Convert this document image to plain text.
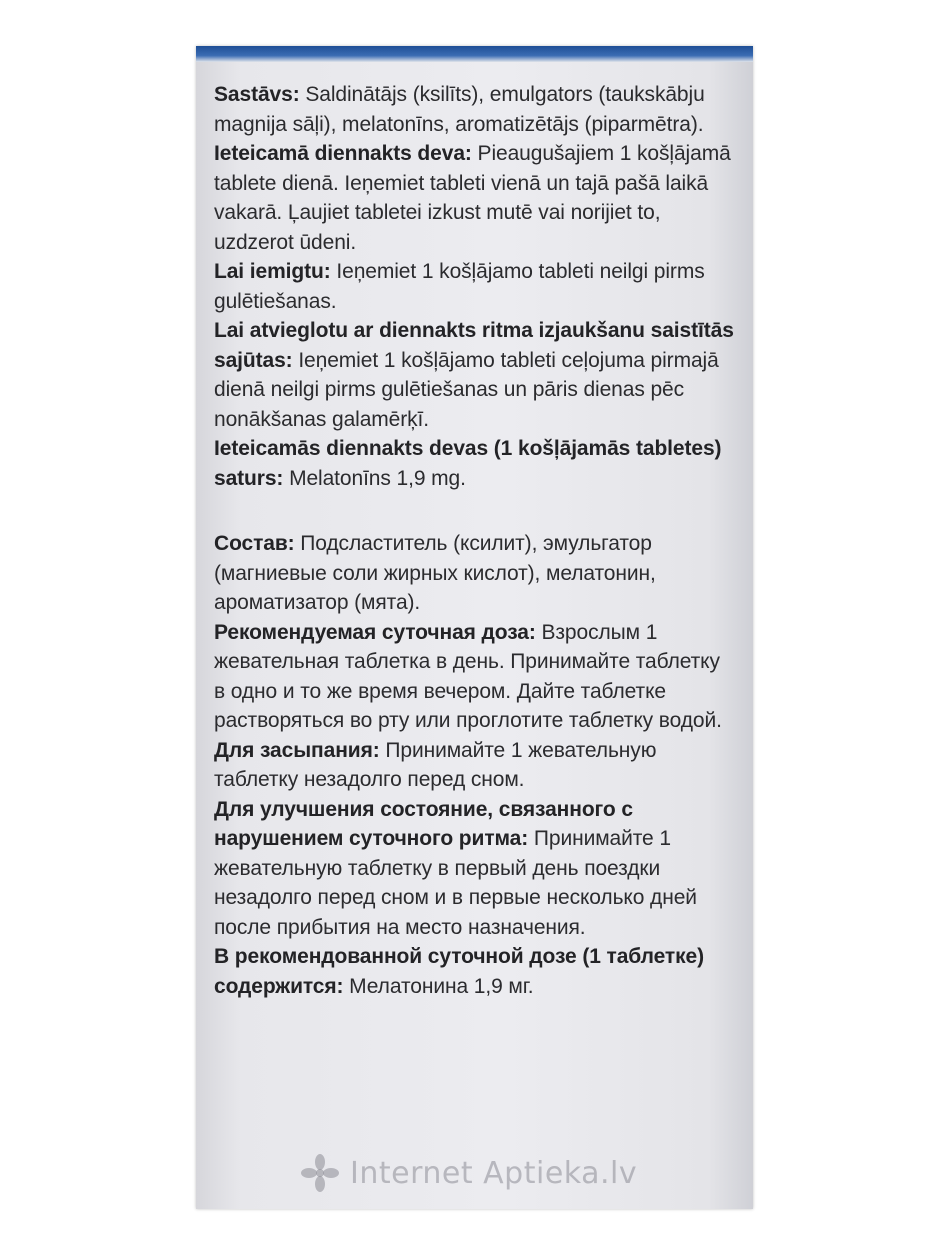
Sastāvs: Saldinātājs (ksilīts), emulgators (taukskābju magnija sāļi), melatonīns, aromatizētājs (piparmētra).

Ieteicamā diennakts deva: Pieaugušajiem 1 košļājamā tablete dienā. Ieņemiet tableti vienā un tajā pašā laikā vakarā. Ļaujiet tabletei izkust mutē vai norijiet to, uzdzerot ūdeni.

Lai iemigtu: Ieņemiet 1 košļājamo tableti neilgi pirms gulētiešanas.

Lai atvieglotu ar diennakts ritma izjaukšanu saistītās sajūtas: Ieņemiet 1 košļājamo tableti ceļojuma pirmajā dienā neilgi pirms gulētiešanas un pāris dienas pēc nonākšanas galamērķī.

Ieteicamās diennakts devas (1 košļājamās tabletes) saturs: Melatonīns 1,9 mg.

Состав: Подсластитель (ксилит), эмульгатор (магниевые соли жирных кислот), мелатонин, ароматизатор (мята).

Рекомендуемая суточная доза: Взрослым 1 жевательная таблетка в день. Принимайте таблетку в одно и то же время вечером. Дайте таблетке растворяться во рту или проглотите таблетку водой.

Для засыпания: Принимайте 1 жевательную таблетку незадолго перед сном.

Для улучшения состояние, связанного с нарушением суточного ритма: Принимайте 1 жевательную таблетку в первый день поездки незадолго перед сном и в первые несколько дней после прибытия на место назначения.

В рекомендованной суточной дозе (1 таблетке) содержится: Мелатонина 1,9 мг.

Internet Aptieka.lv
